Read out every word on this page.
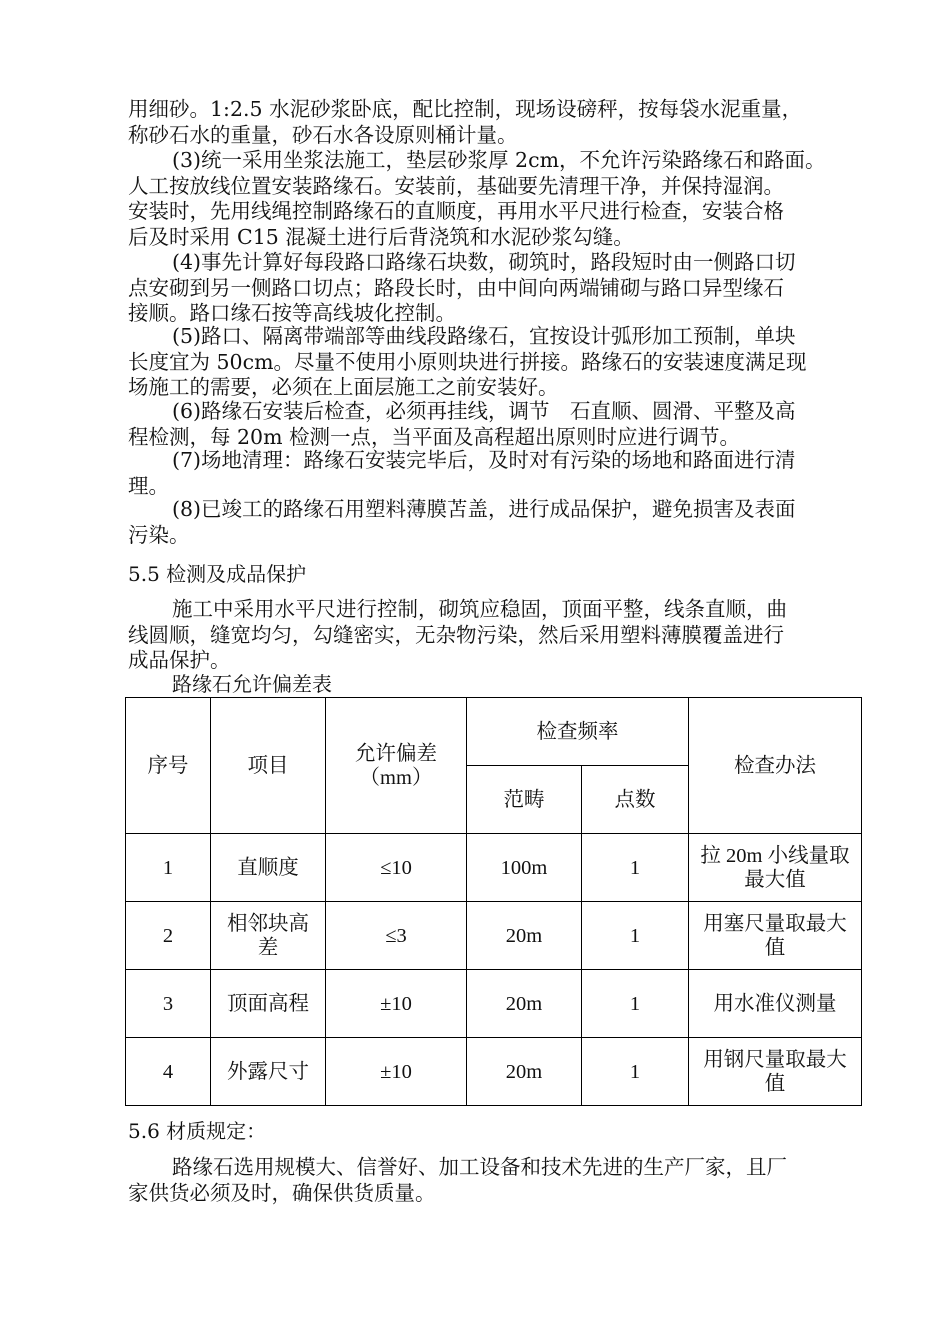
用细砂。1:2.5 水泥砂浆卧底，配比控制，现场设磅秤，按每袋水泥重量，
称砂石水的重量，砂石水各设原则桶计量。

(3)统一采用坐浆法施工，垫层砂浆厚 2cm，不允许污染路缘石和路面。
人工按放线位置安装路缘石。安装前，基础要先清理干净，并保持湿润。
安装时，先用线绳控制路缘石的直顺度，再用水平尺进行检查，安装合格
后及时采用 C15 混凝土进行后背浇筑和水泥砂浆勾缝。

(4)事先计算好每段路口路缘石块数，砌筑时，路段短时由一侧路口切
点安砌到另一侧路口切点；路段长时，由中间向两端铺砌与路口异型缘石
接顺。路口缘石按等高线坡化控制。

(5)路口、隔离带端部等曲线段路缘石，宜按设计弧形加工预制，单块
长度宜为 50cm。尽量不使用小原则块进行拼接。路缘石的安装速度满足现
场施工的需要，必须在上面层施工之前安装好。

(6)路缘石安装后检查，必须再挂线，调节　石直顺、圆滑、平整及高
程检测，每 20m 检测一点，当平面及高程超出原则时应进行调节。

(7)场地清理：路缘石安装完毕后，及时对有污染的场地和路面进行清
理。

(8)已竣工的路缘石用塑料薄膜苫盖，进行成品保护，避免损害及表面
污染。

5.5 检测及成品保护

施工中采用水平尺进行控制，砌筑应稳固，顶面平整，线条直顺，曲
线圆顺，缝宽均匀，勾缝密实，无杂物污染，然后采用塑料薄膜覆盖进行
成品保护。

路缘石允许偏差表

序号	项目	允许偏差（mm）	检查频率		检查办法
			范畴	点数	
1	直顺度	≤10	100m	1	拉 20m 小线量取最大值
2	相邻块高差	≤3	20m	1	用塞尺量取最大值
3	顶面高程	±10	20m	1	用水准仪测量
4	外露尺寸	±10	20m	1	用钢尺量取最大值
5.6 材质规定：

路缘石选用规模大、信誉好、加工设备和技术先进的生产厂家，且厂
家供货必须及时，确保供货质量。
